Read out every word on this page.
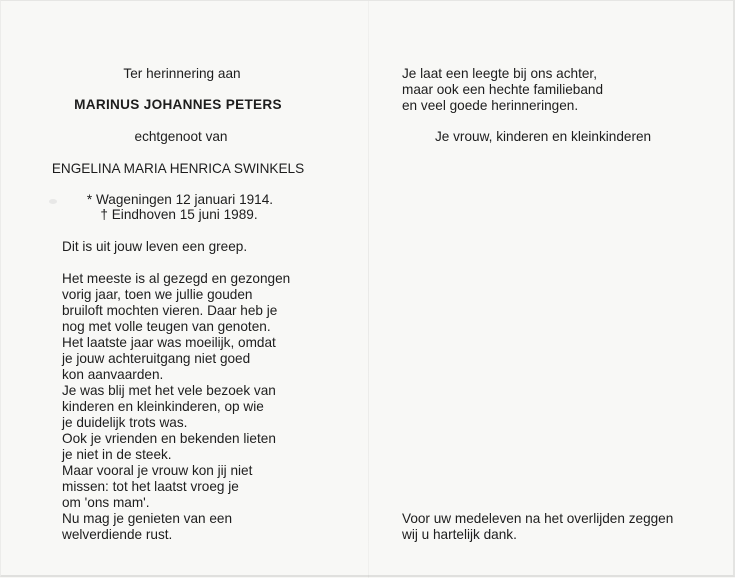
Ter herinnering aan
MARINUS JOHANNES PETERS
echtgenoot van
ENGELINA MARIA HENRICA SWINKELS
* Wageningen 12 januari 1914.
† Eindhoven 15 juni 1989.
Dit is uit jouw leven een greep.
Het meeste is al gezegd en gezongen
vorig jaar, toen we jullie gouden
bruiloft mochten vieren. Daar heb je
nog met volle teugen van genoten.
Het laatste jaar was moeilijk, omdat
je jouw achteruitgang niet goed
kon aanvaarden.
Je was blij met het vele bezoek van
kinderen en kleinkinderen, op wie
je duidelijk trots was.
Ook je vrienden en bekenden lieten
je niet in de steek.
Maar vooral je vrouw kon jij niet
missen: tot het laatst vroeg je
om 'ons mam'.
Nu mag je genieten van een
welverdiende rust.
Je laat een leegte bij ons achter,
maar ook een hechte familieband
en veel goede herinneringen.
Je vrouw, kinderen en kleinkinderen
Voor uw medeleven na het overlijden zeggen
wij u hartelijk dank.
